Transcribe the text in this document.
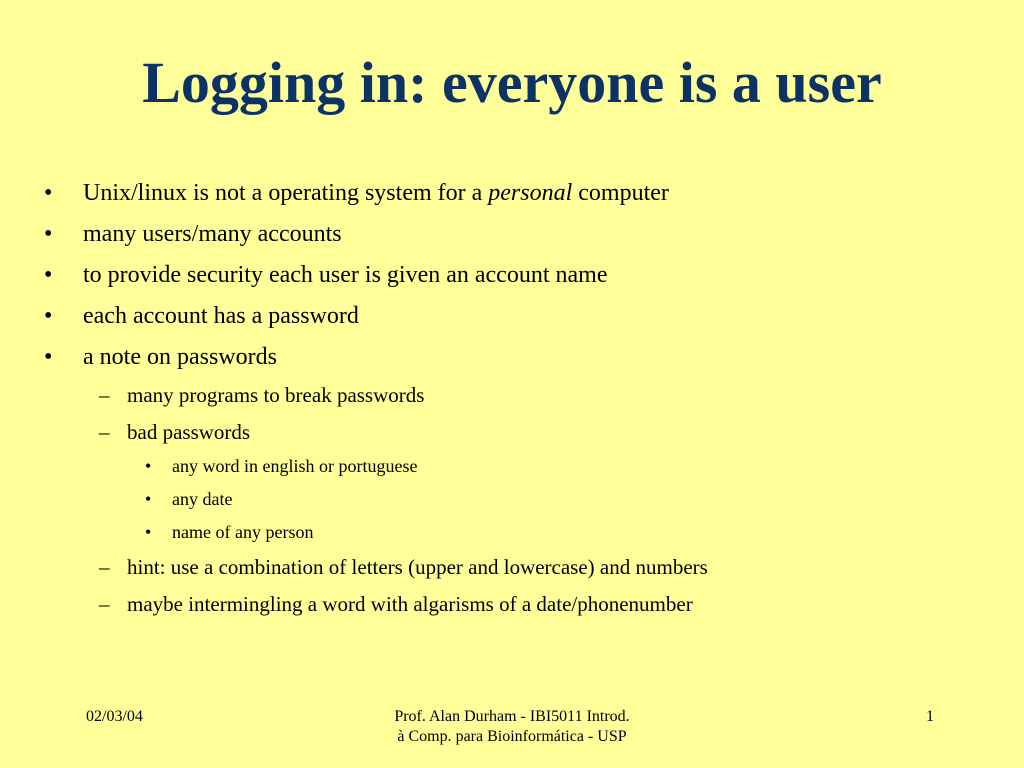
Logging in: everyone is a user
• Unix/linux is not a operating system for a personal computer
• many users/many accounts
• to provide security each user is given an account name
• each account has a password
• a note on passwords
– many programs to break passwords
– bad passwords
• any word in english or portuguese
• any date
• name of any person
– hint: use a combination of letters (upper and lowercase) and numbers
– maybe intermingling a word with algarisms of a date/phonenumber
02/03/04	Prof. Alan Durham - IBI5011 Introd.
à Comp. para Bioinformática - USP
1
